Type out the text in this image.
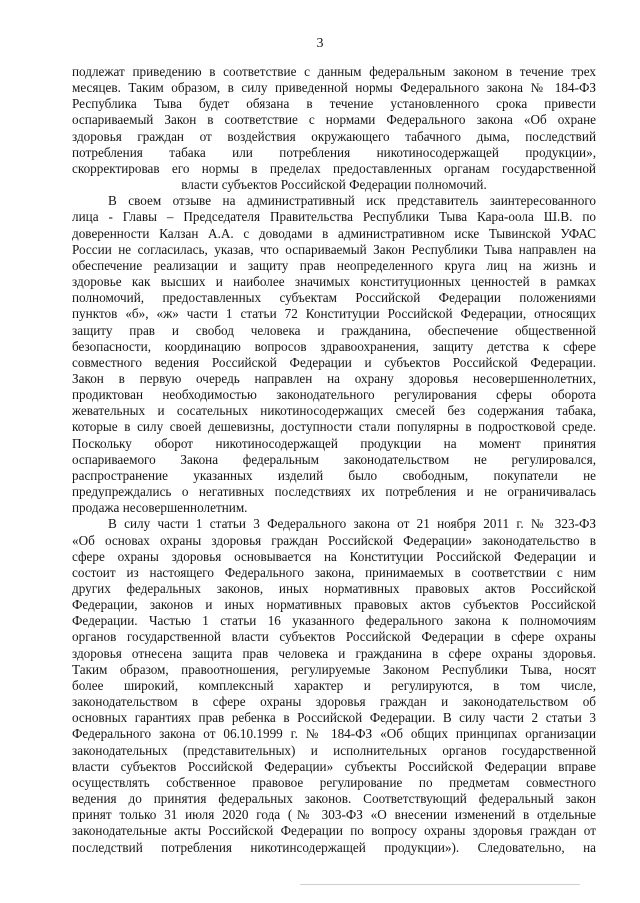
3
подлежат приведению в соответствие с данным федеральным законом в течение трех
месяцев. Таким образом, в силу приведенной нормы Федерального закона № 184-ФЗ
Республика Тыва будет обязана в течение установленного срока привести
оспариваемый Закон в соответствие с нормами Федерального закона «Об охране
здоровья граждан от воздействия окружающего табачного дыма, последствий
потребления табака или потребления никотиносодержащей продукции»,
скорректировав его нормы в пределах предоставленных органам государственной
власти субъектов Российской Федерации полномочий.
В своем отзыве на административный иск представитель заинтересованного
лица - Главы – Председателя Правительства Республики Тыва Кара-оола Ш.В. по
доверенности Калзан А.А. с доводами в административном иске Тывинской УФАС
России не согласилась, указав, что оспариваемый Закон Республики Тыва направлен на
обеспечение реализации и защиту прав неопределенного круга лиц на жизнь и
здоровье как высших и наиболее значимых конституционных ценностей в рамках
полномочий, предоставленных субъектам Российской Федерации положениями
пунктов «б», «ж» части 1 статьи 72 Конституции Российской Федерации, относящих
защиту прав и свобод человека и гражданина, обеспечение общественной
безопасности, координацию вопросов здравоохранения, защиту детства к сфере
совместного ведения Российской Федерации и субъектов Российской Федерации.
Закон в первую очередь направлен на охрану здоровья несовершеннолетних,
продиктован необходимостью законодательного регулирования сферы оборота
жевательных и сосательных никотиносодержащих смесей без содержания табака,
которые в силу своей дешевизны, доступности стали популярны в подростковой среде.
Поскольку оборот никотиносодержащей продукции на момент принятия
оспариваемого Закона федеральным законодательством не регулировался,
распространение указанных изделий было свободным, покупатели не
предупреждались о негативных последствиях их потребления и не ограничивалась
продажа несовершеннолетним.
В силу части 1 статьи 3 Федерального закона от 21 ноября 2011 г. № 323-ФЗ
«Об основах охраны здоровья граждан Российской Федерации» законодательство в
сфере охраны здоровья основывается на Конституции Российской Федерации и
состоит из настоящего Федерального закона, принимаемых в соответствии с ним
других федеральных законов, иных нормативных правовых актов Российской
Федерации, законов и иных нормативных правовых актов субъектов Российской
Федерации. Частью 1 статьи 16 указанного федерального закона к полномочиям
органов государственной власти субъектов Российской Федерации в сфере охраны
здоровья отнесена защита прав человека и гражданина в сфере охраны здоровья.
Таким образом, правоотношения, регулируемые Законом Республики Тыва, носят
более широкий, комплексный характер и регулируются, в том числе,
законодательством в сфере охраны здоровья граждан и законодательством об
основных гарантиях прав ребенка в Российской Федерации. В силу части 2 статьи 3
Федерального закона от 06.10.1999 г. № 184-ФЗ «Об общих принципах организации
законодательных (представительных) и исполнительных органов государственной
власти субъектов Российской Федерации» субъекты Российской Федерации вправе
осуществлять собственное правовое регулирование по предметам совместного
ведения до принятия федеральных законов. Соответствующий федеральный закон
принят только 31 июля 2020 года (№ 303-ФЗ «О внесении изменений в отдельные
законодательные акты Российской Федерации по вопросу охраны здоровья граждан от
последствий потребления никотинсодержащей продукции»). Следовательно, на
